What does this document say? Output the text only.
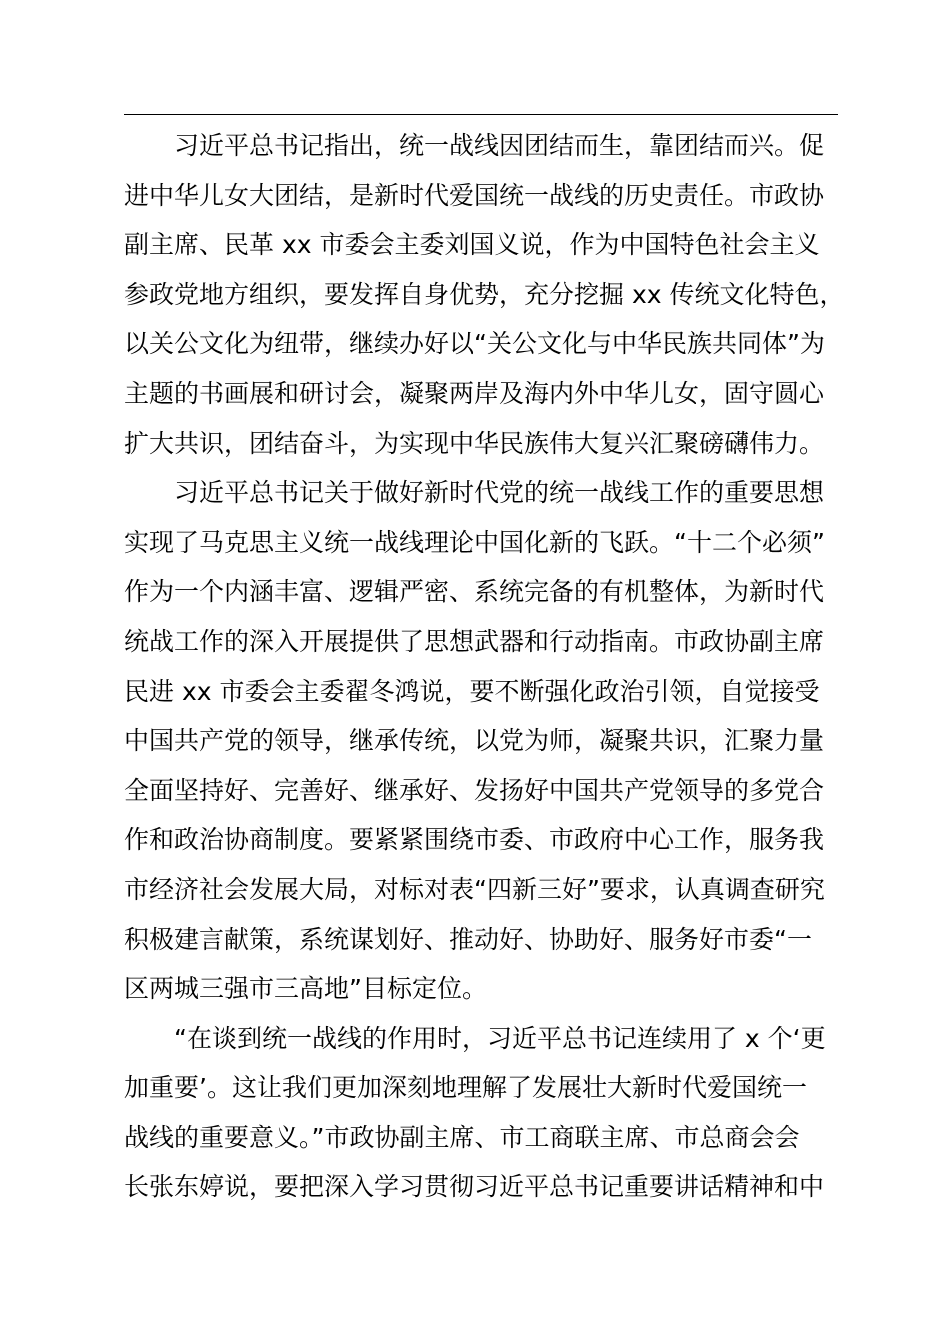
习近平总书记指出，统一战线因团结而生，靠团结而兴。促
进中华儿女大团结，是新时代爱国统一战线的历史责任。市政协
副主席、民革 xx 市委会主委刘国义说，作为中国特色社会主义
参政党地方组织，要发挥自身优势，充分挖掘 xx 传统文化特色，
以关公文化为纽带，继续办好以“关公文化与中华民族共同体”为
主题的书画展和研讨会，凝聚两岸及海内外中华儿女，固守圆心
扩大共识，团结奋斗，为实现中华民族伟大复兴汇聚磅礴伟力。
习近平总书记关于做好新时代党的统一战线工作的重要思想
实现了马克思主义统一战线理论中国化新的飞跃。“十二个必须”
作为一个内涵丰富、逻辑严密、系统完备的有机整体，为新时代
统战工作的深入开展提供了思想武器和行动指南。市政协副主席
民进 xx 市委会主委翟冬鸿说，要不断强化政治引领，自觉接受
中国共产党的领导，继承传统，以党为师，凝聚共识，汇聚力量
全面坚持好、完善好、继承好、发扬好中国共产党领导的多党合
作和政治协商制度。要紧紧围绕市委、市政府中心工作，服务我
市经济社会发展大局，对标对表“四新三好”要求，认真调查研究
积极建言献策，系统谋划好、推动好、协助好、服务好市委“一
区两城三强市三高地”目标定位。
“在谈到统一战线的作用时，习近平总书记连续用了 x 个‘更
加重要’。这让我们更加深刻地理解了发展壮大新时代爱国统一
战线的重要意义。”市政协副主席、市工商联主席、市总商会会
长张东婷说，要把深入学习贯彻习近平总书记重要讲话精神和中
